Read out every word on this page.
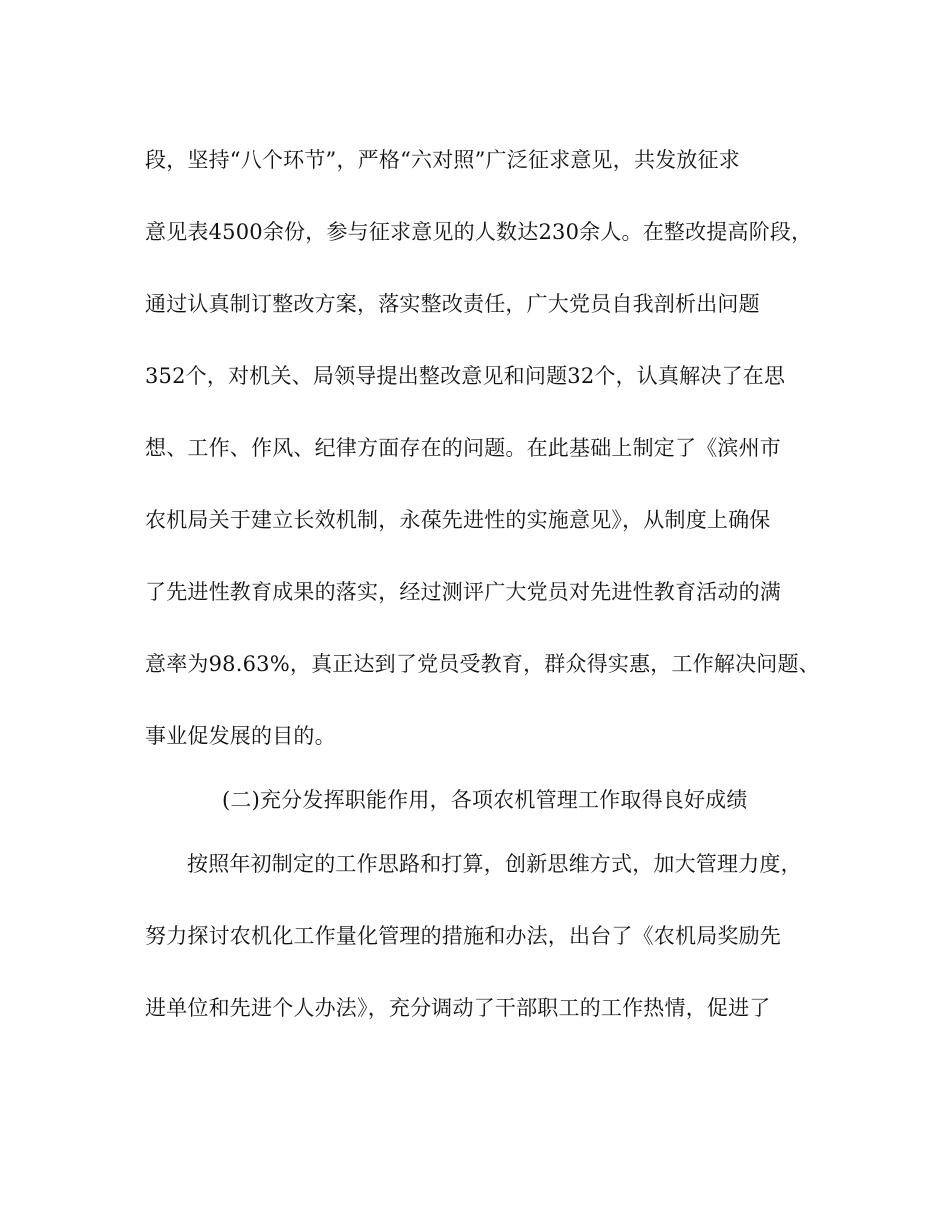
段，坚持“八个环节”，严格“六对照”广泛征求意见，共发放征求
意见表4500余份，参与征求意见的人数达230余人。在整改提高阶段，
通过认真制订整改方案，落实整改责任，广大党员自我剖析出问题
352个，对机关、局领导提出整改意见和问题32个，认真解决了在思
想、工作、作风、纪律方面存在的问题。在此基础上制定了《滨州市
农机局关于建立长效机制，永葆先进性的实施意见》，从制度上确保
了先进性教育成果的落实，经过测评广大党员对先进性教育活动的满
意率为98.63%，真正达到了党员受教育，群众得实惠，工作解决问题、
事业促发展的目的。
(二)充分发挥职能作用，各项农机管理工作取得良好成绩
按照年初制定的工作思路和打算，创新思维方式，加大管理力度，
努力探讨农机化工作量化管理的措施和办法，出台了《农机局奖励先
进单位和先进个人办法》，充分调动了干部职工的工作热情，促进了
